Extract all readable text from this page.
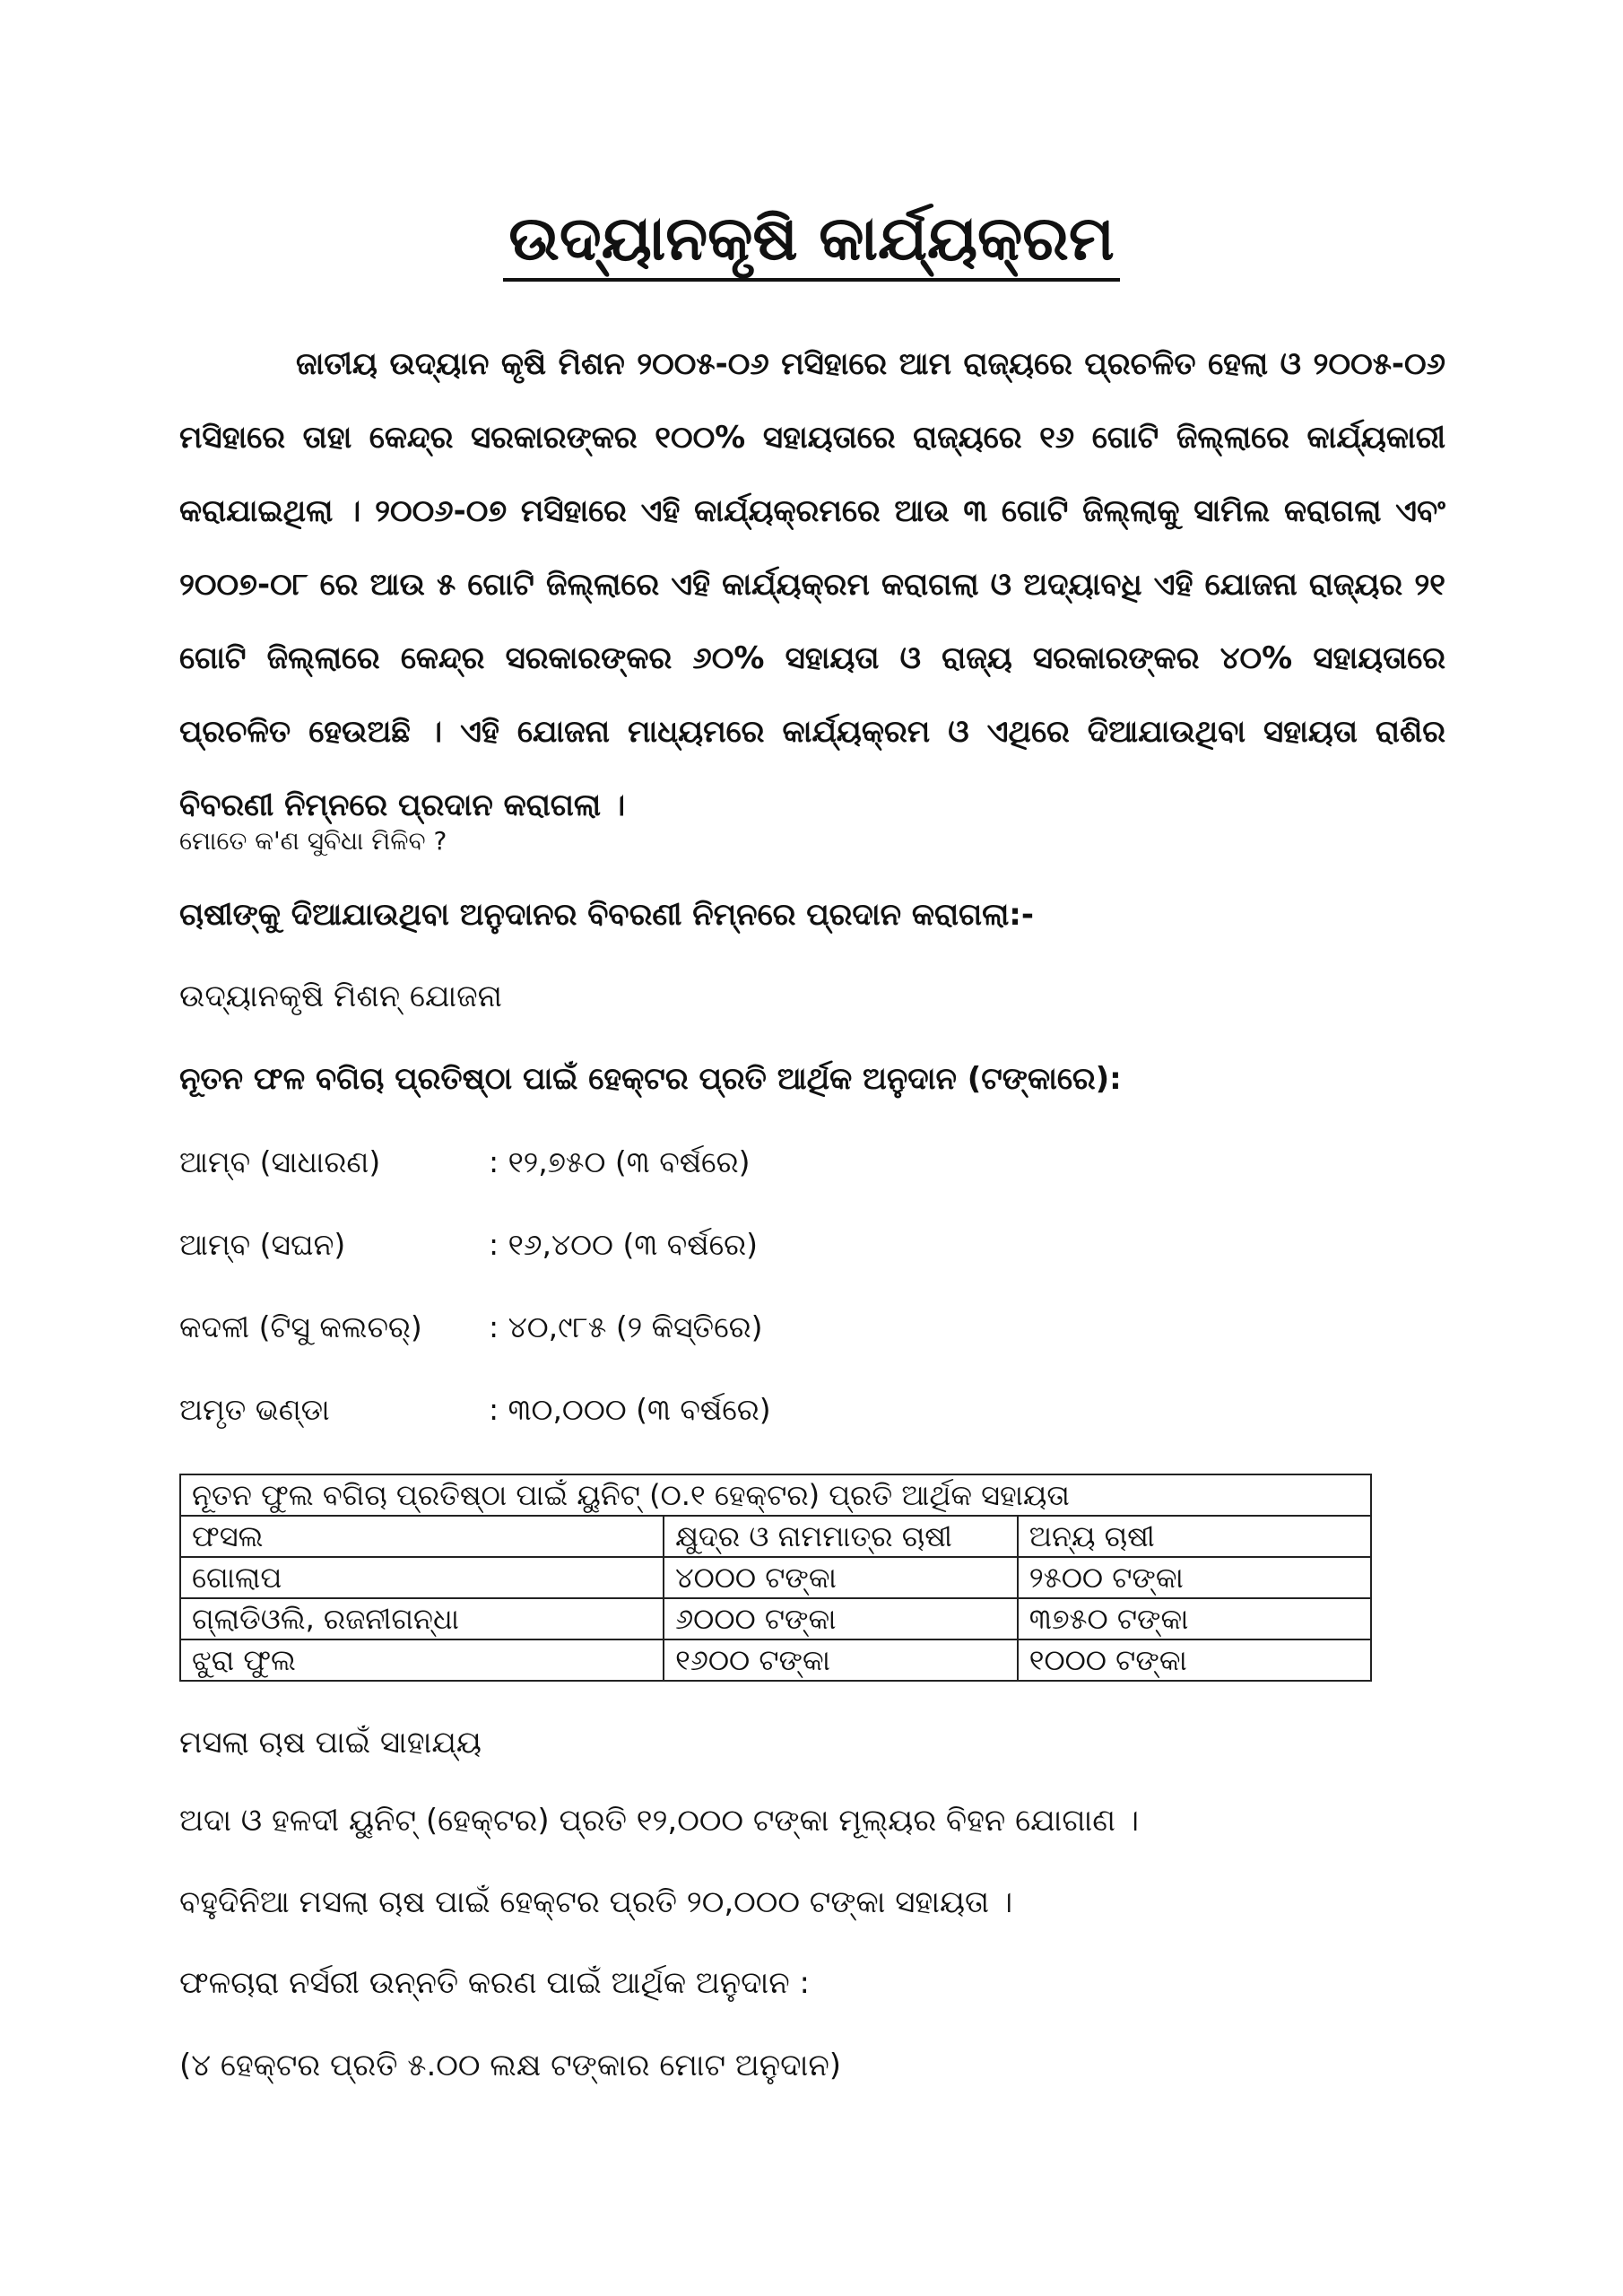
ଉଦ୍ୟାନକୃଷି କାର୍ଯ୍ୟକ୍ରମ

ଜାତୀୟ ଉଦ୍ୟାନ କୃଷି ମିଶନ ୨୦୦୫-୦୬ ମସିହାରେ ଆମ ରାଜ୍ୟରେ ପ୍ରଚଳିତ ହେଲା ଓ ୨୦୦୫-୦୬ ମସିହାରେ ତାହା କେନ୍ଦ୍ର ସରକାରଙ୍କର ୧୦୦% ସହାୟତାରେ ରାଜ୍ୟରେ ୧୬ ଗୋଟି ଜିଲ୍ଲାରେ କାର୍ଯ୍ୟକାରୀ କରାଯାଇଥିଲା । ୨୦୦୬-୦୭ ମସିହାରେ ଏହି କାର୍ଯ୍ୟକ୍ରମରେ ଆଉ ୩ ଗୋଟି ଜିଲ୍ଲାକୁ ସାମିଲ କରାଗଲା ଏବଂ ୨୦୦୭-୦୮ ରେ ଆଉ ୫ ଗୋଟି ଜିଲ୍ଲାରେ ଏହି କାର୍ଯ୍ୟକ୍ରମ କରାଗଲା ଓ ଅଦ୍ୟାବଧି ଏହି ଯୋଜନା ରାଜ୍ୟର ୨୧ ଗୋଟି ଜିଲ୍ଲାରେ କେନ୍ଦ୍ର ସରକାରଙ୍କର ୬୦% ସହାୟତା ଓ ରାଜ୍ୟ ସରକାରଙ୍କର ୪୦% ସହାୟତାରେ ପ୍ରଚଳିତ ହେଉଅଛି । ଏହି ଯୋଜନା ମାଧ୍ୟମରେ କାର୍ଯ୍ୟକ୍ରମ ଓ ଏଥିରେ ଦିଆଯାଉଥିବା ସହାୟତା ରାଶିର ବିବରଣୀ ନିମ୍ନରେ ପ୍ରଦାନ କରାଗଲା ।

ମୋତେ କ'ଣ ସୁବିଧା ମିଳିବ ?
ଚାଷୀଙ୍କୁ ଦିଆଯାଉଥିବା ଅନୁଦାନର ବିବରଣୀ ନିମ୍ନରେ ପ୍ରଦାନ କରାଗଲା:-
ଉଦ୍ୟାନକୃଷି ମିଶନ୍ ଯୋଜନା
ନୂତନ ଫଳ ବଗିଚା ପ୍ରତିଷ୍ଠା ପାଇଁ ହେକ୍ଟର ପ୍ରତି ଆର୍ଥିକ ଅନୁଦାନ (ଟଙ୍କାରେ):
ଆମ୍ବ (ସାଧାରଣ)	: ୧୨,୭୫୦ (୩ ବର୍ଷରେ)
ଆମ୍ବ (ସଘନ)	: ୧୬,୪୦୦ (୩ ବର୍ଷରେ)
କଦଳୀ (ଟିସୁ କଲଚର୍) : ୪୦,୯୮୫ (୨ କିସ୍ତିରେ)
ଅମୃତ ଭଣ୍ଡା	: ୩୦,୦୦୦ (୩ ବର୍ଷରେ)
ନୂତନ ଫୁଲ ବଗିଚା ପ୍ରତିଷ୍ଠା ପାଇଁ ୟୁନିଟ୍ (୦.୧ ହେକ୍ଟର) ପ୍ରତି ଆର୍ଥିକ ସହାୟତା		
ଫସଲ	କ୍ଷୁଦ୍ର ଓ ନାମମାତ୍ର ଚାଷୀ	ଅନ୍ୟ ଚାଷୀ
ଗୋଲାପ	୪୦୦୦ ଟଙ୍କା	୨୫୦୦ ଟଙ୍କା
ଗ୍ଲାଡିଓଲି, ରଜନୀଗନ୍ଧା	୬୦୦୦ ଟଙ୍କା	୩୭୫୦ ଟଙ୍କା
ଝୁରା ଫୁଲ	୧୬୦୦ ଟଙ୍କା	୧୦୦୦ ଟଙ୍କା
ମସଲା ଚାଷ ପାଇଁ ସାହାଯ୍ୟ
ଅଦା ଓ ହଳଦୀ ୟୁନିଟ୍ (ହେକ୍ଟର) ପ୍ରତି ୧୨,୦୦୦ ଟଙ୍କା ମୂଲ୍ୟର ବିହନ ଯୋଗାଣ ।
ବହୁଦିନିଆ ମସଲା ଚାଷ ପାଇଁ ହେକ୍ଟର ପ୍ରତି ୨୦,୦୦୦ ଟଙ୍କା ସହାୟତା ।
ଫଳଚାରା ନର୍ସରୀ ଉନ୍ନତି କରଣ ପାଇଁ ଆର୍ଥିକ ଅନୁଦାନ :
(୪ ହେକ୍ଟର ପ୍ରତି ୫.୦୦ ଲକ୍ଷ ଟଙ୍କାର ମୋଟ ଅନୁଦାନ)
